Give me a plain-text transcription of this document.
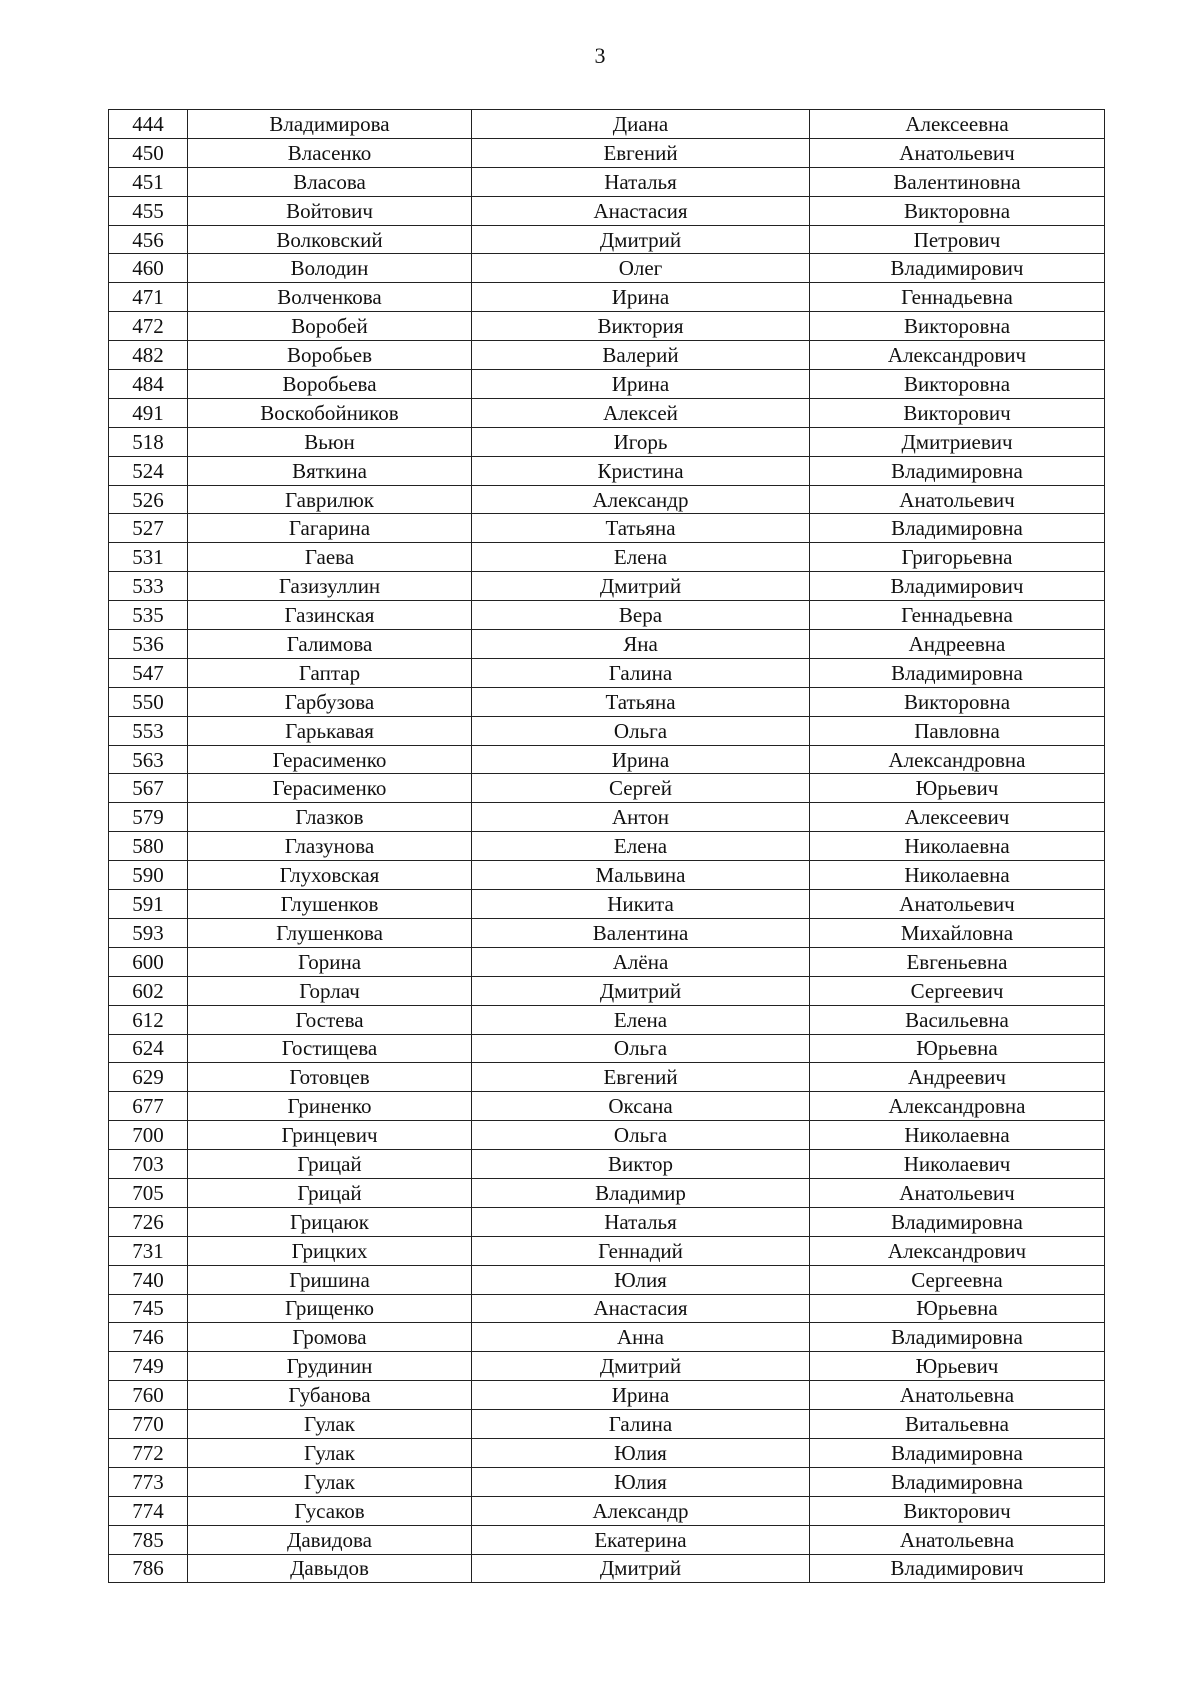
3
444	Владимирова	Диана	Алексеевна
450	Власенко	Евгений	Анатольевич
451	Власова	Наталья	Валентиновна
455	Войтович	Анастасия	Викторовна
456	Волковский	Дмитрий	Петрович
460	Володин	Олег	Владимирович
471	Волченкова	Ирина	Геннадьевна
472	Воробей	Виктория	Викторовна
482	Воробьев	Валерий	Александрович
484	Воробьева	Ирина	Викторовна
491	Воскобойников	Алексей	Викторович
518	Вьюн	Игорь	Дмитриевич
524	Вяткина	Кристина	Владимировна
526	Гаврилюк	Александр	Анатольевич
527	Гагарина	Татьяна	Владимировна
531	Гаева	Елена	Григорьевна
533	Газизуллин	Дмитрий	Владимирович
535	Газинская	Вера	Геннадьевна
536	Галимова	Яна	Андреевна
547	Гаптар	Галина	Владимировна
550	Гарбузова	Татьяна	Викторовна
553	Гарькавая	Ольга	Павловна
563	Герасименко	Ирина	Александровна
567	Герасименко	Сергей	Юрьевич
579	Глазков	Антон	Алексеевич
580	Глазунова	Елена	Николаевна
590	Глуховская	Мальвина	Николаевна
591	Глушенков	Никита	Анатольевич
593	Глушенкова	Валентина	Михайловна
600	Горина	Алёна	Евгеньевна
602	Горлач	Дмитрий	Сергеевич
612	Гостева	Елена	Васильевна
624	Гостищева	Ольга	Юрьевна
629	Готовцев	Евгений	Андреевич
677	Гриненко	Оксана	Александровна
700	Гринцевич	Ольга	Николаевна
703	Грицай	Виктор	Николаевич
705	Грицай	Владимир	Анатольевич
726	Грицаюк	Наталья	Владимировна
731	Грицких	Геннадий	Александрович
740	Гришина	Юлия	Сергеевна
745	Грищенко	Анастасия	Юрьевна
746	Громова	Анна	Владимировна
749	Грудинин	Дмитрий	Юрьевич
760	Губанова	Ирина	Анатольевна
770	Гулак	Галина	Витальевна
772	Гулак	Юлия	Владимировна
773	Гулак	Юлия	Владимировна
774	Гусаков	Александр	Викторович
785	Давидова	Екатерина	Анатольевна
786	Давыдов	Дмитрий	Владимирович
